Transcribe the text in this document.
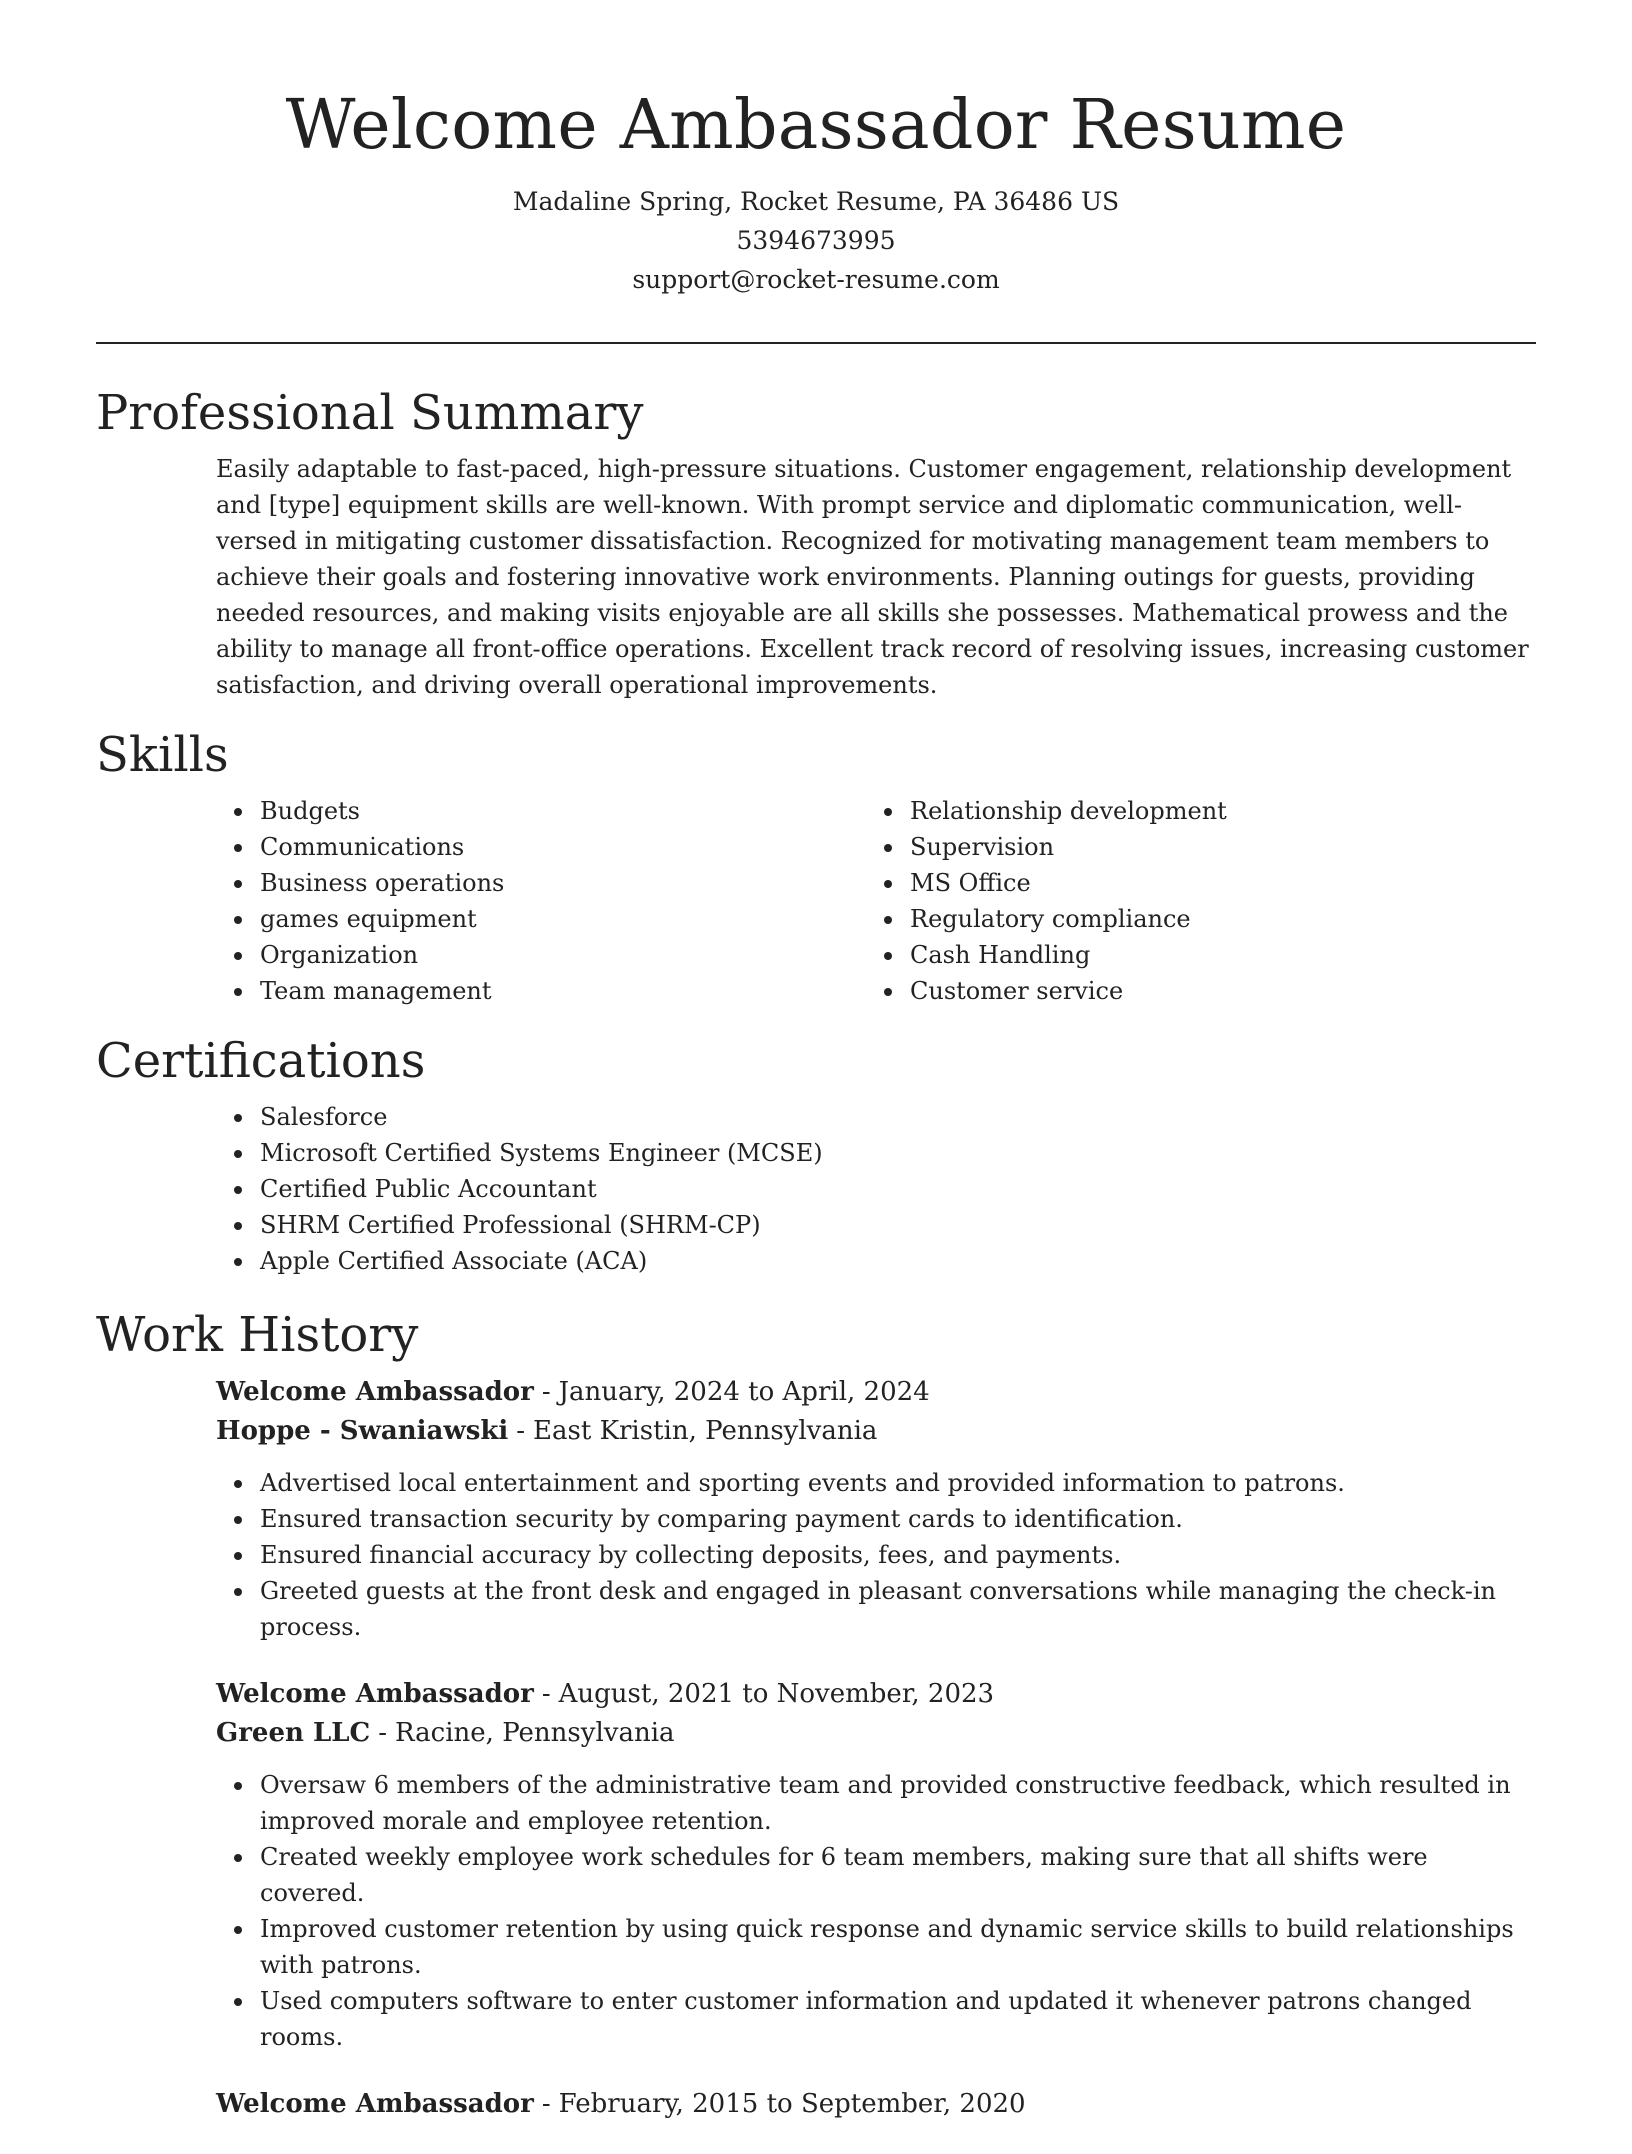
Welcome Ambassador Resume
Madaline Spring, Rocket Resume, PA 36486 US
5394673995
support@rocket-resume.com
Professional Summary

Easily adaptable to fast-paced, high-pressure situations. Customer engagement, relationship development and [type] equipment skills are well-known. With prompt service and diplomatic communication, well-versed in mitigating customer dissatisfaction. Recognized for motivating management team members to achieve their goals and fostering innovative work environments. Planning outings for guests, providing needed resources, and making visits enjoyable are all skills she possesses. Mathematical prowess and the ability to manage all front-office operations. Excellent track record of resolving issues, increasing customer satisfaction, and driving overall operational improvements.

Skills
Budgets
Communications
Business operations
games equipment
Organization
Team management
Relationship development
Supervision
MS Office
Regulatory compliance
Cash Handling
Customer service
Certifications
Salesforce
Microsoft Certified Systems Engineer (MCSE)
Certified Public Accountant
SHRM Certified Professional (SHRM-CP)
Apple Certified Associate (ACA)
Work History
Welcome Ambassador - January, 2024 to April, 2024
Hoppe - Swaniawski - East Kristin, Pennsylvania
Advertised local entertainment and sporting events and provided information to patrons.
Ensured transaction security by comparing payment cards to identification.
Ensured financial accuracy by collecting deposits, fees, and payments.
Greeted guests at the front desk and engaged in pleasant conversations while managing the check-in process.
Welcome Ambassador - August, 2021 to November, 2023
Green LLC - Racine, Pennsylvania
Oversaw 6 members of the administrative team and provided constructive feedback, which resulted in improved morale and employee retention.
Created weekly employee work schedules for 6 team members, making sure that all shifts were covered.
Improved customer retention by using quick response and dynamic service skills to build relationships with patrons.
Used computers software to enter customer information and updated it whenever patrons changed rooms.
Welcome Ambassador - February, 2015 to September, 2020
